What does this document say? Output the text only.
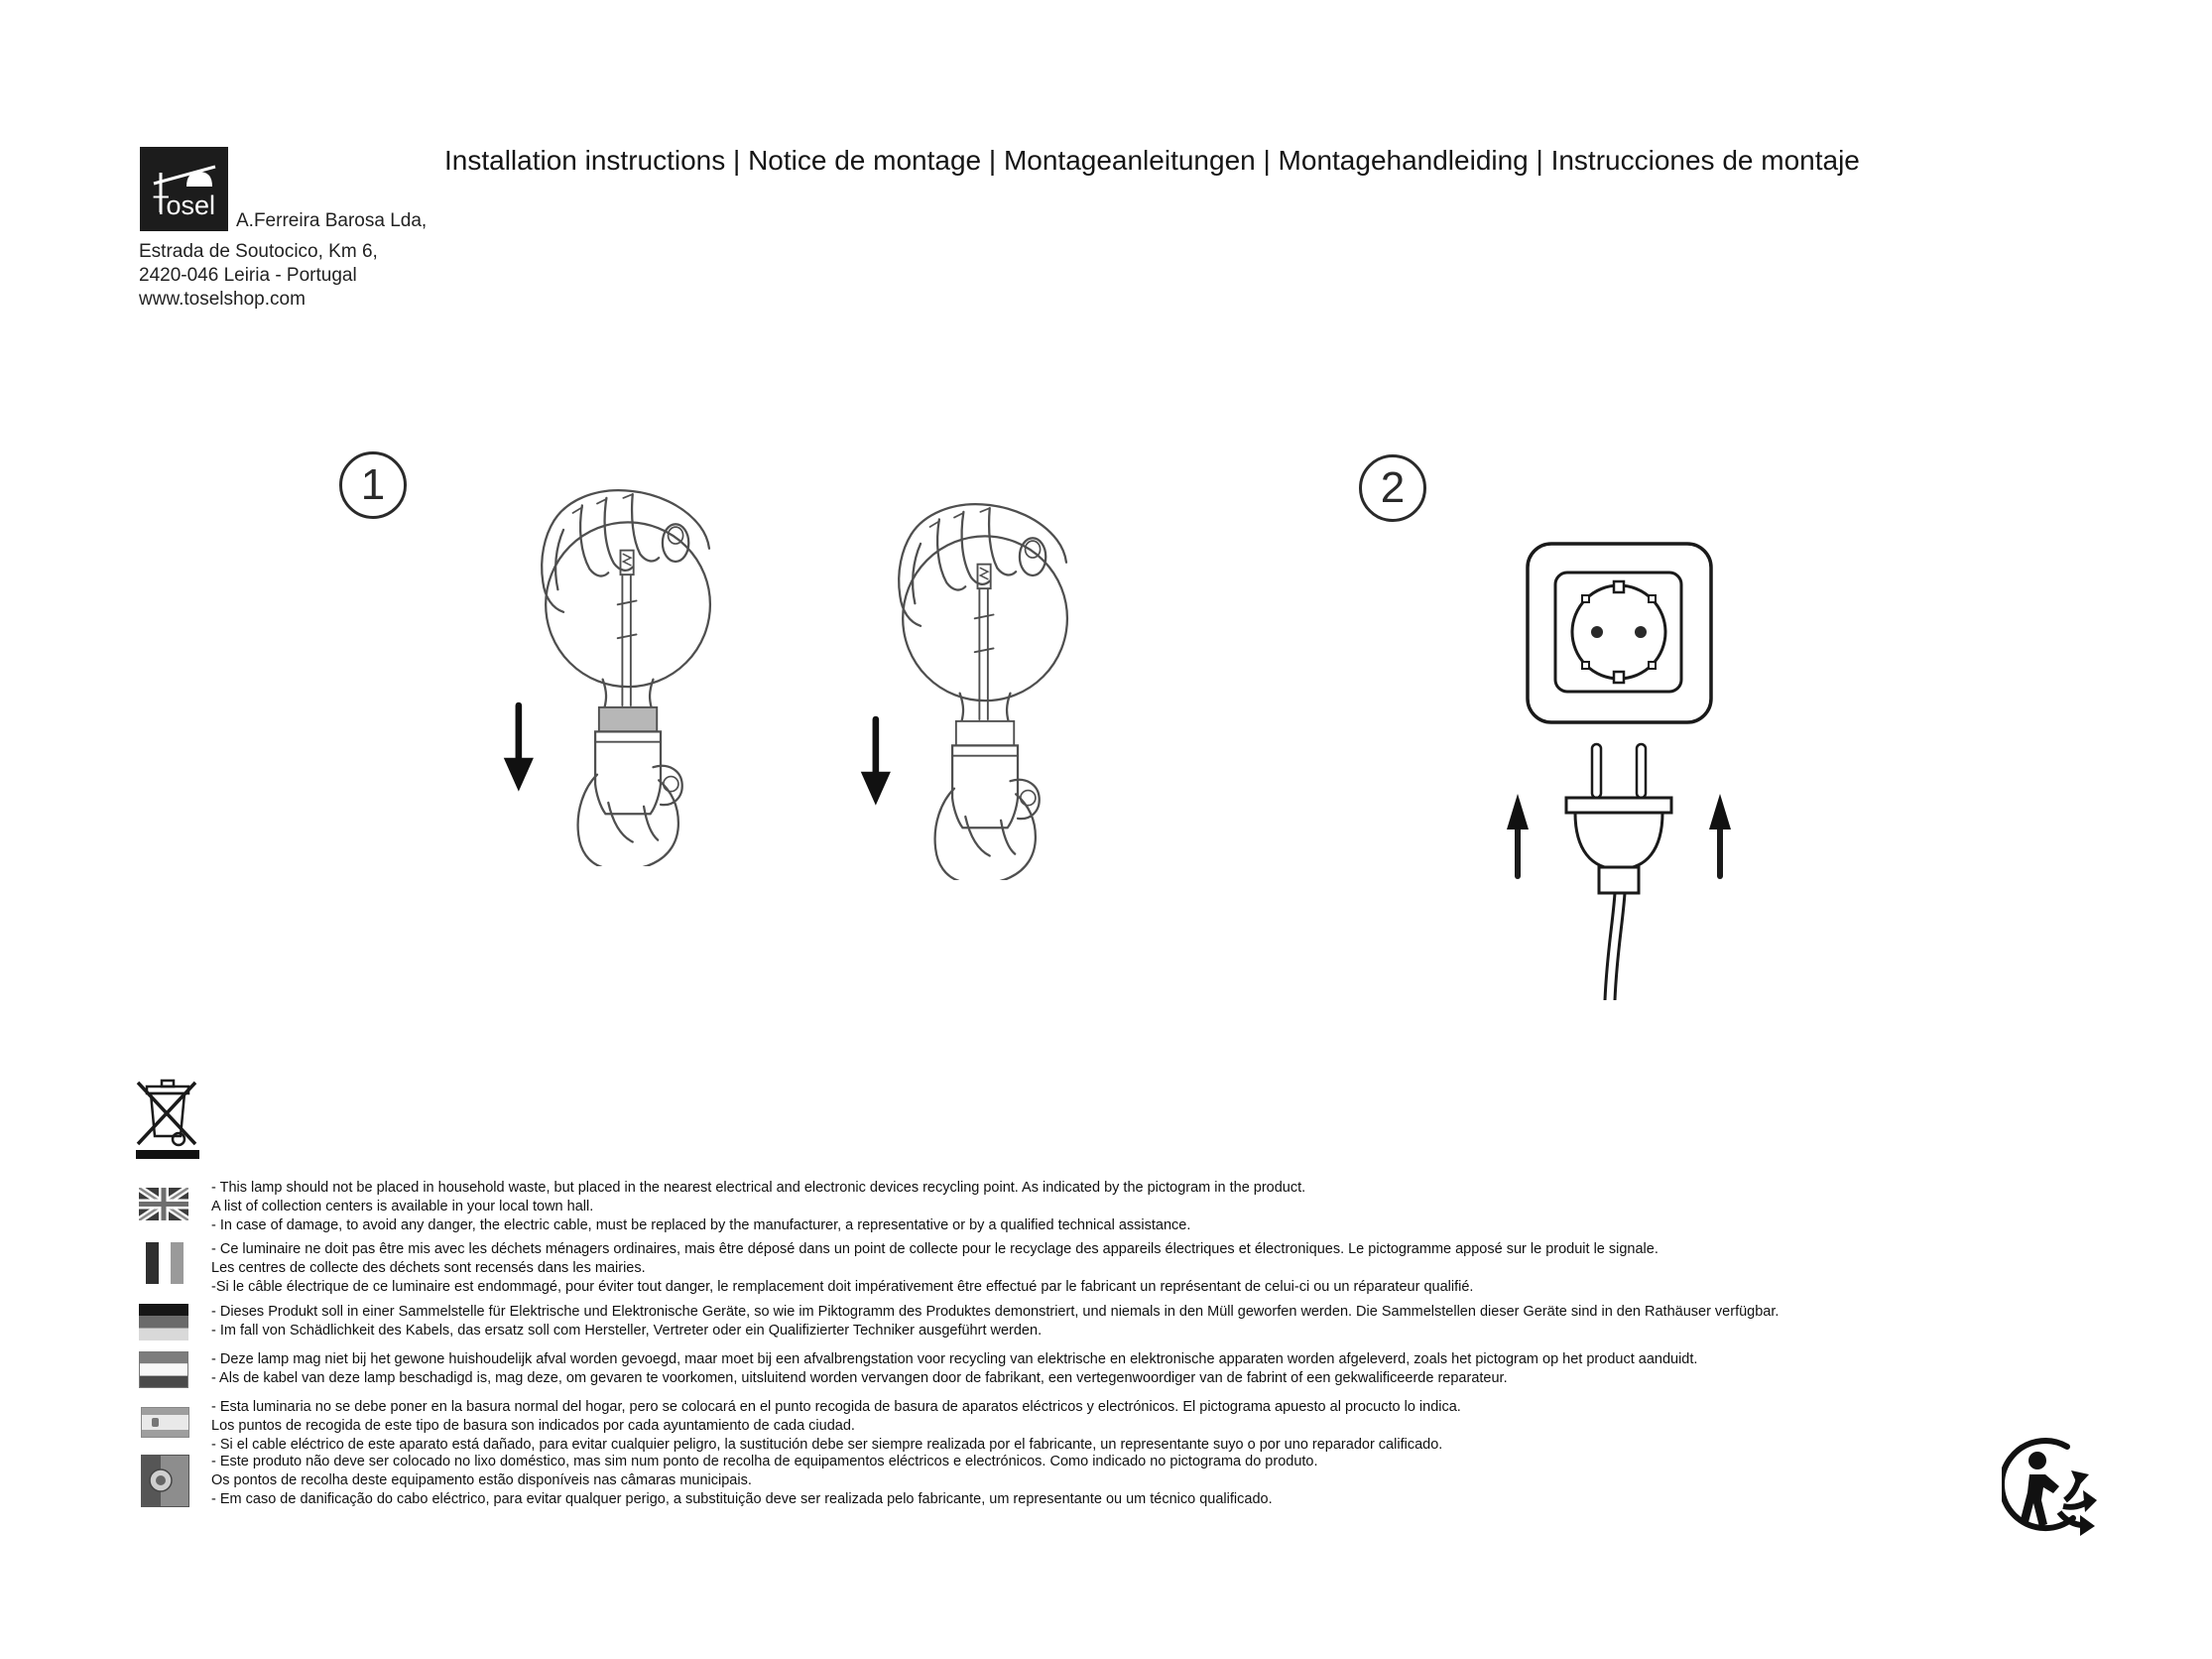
Tosel
A.Ferreira Barosa Lda,
Estrada de Soutocico, Km 6,
2420-046 Leiria - Portugal
www.toselshop.com
Installation instructions | Notice de montage | Montageanleitungen | Montagehandleiding | Instrucciones de montaje
1	2
- This lamp should not be placed in household waste, but placed in the nearest electrical and electronic devices recycling point. As indicated by the pictogram in the product.
A list of collection centers is available in your local town hall.
- In case of damage, to avoid any danger, the electric cable, must be replaced by the manufacturer, a representative or by a qualified technical assistance.
- Ce luminaire ne doit pas être mis avec les déchets ménagers ordinaires, mais être déposé dans un point de collecte pour le recyclage des appareils électriques et électroniques. Le pictogramme apposé sur le produit le signale.
Les centres de collecte des déchets sont recensés dans les mairies.
-Si le câble électrique de ce luminaire est endommagé, pour éviter tout danger, le remplacement doit impérativement être effectué par le fabricant un représentant de celui-ci ou un réparateur qualifié.
- Dieses Produkt soll in einer Sammelstelle für Elektrische und Elektronische Geräte, so wie im Piktogramm des Produktes demonstriert, und niemals in den Müll geworfen werden. Die Sammelstellen dieser Geräte sind in den Rathäuser verfügbar.
- Im fall von Schädlichkeit des Kabels, das ersatz soll com Hersteller, Vertreter oder ein Qualifizierter Techniker ausgeführt werden.
- Deze lamp mag niet bij het gewone huishoudelijk afval worden gevoegd, maar moet bij een afvalbrengstation voor recycling van elektrische en elektronische apparaten worden afgeleverd, zoals het pictogram op het product aanduidt.
- Als de kabel van deze lamp beschadigd is, mag deze, om gevaren te voorkomen, uitsluitend worden vervangen door de fabrikant, een vertegenwoordiger van de fabrint of een gekwalificeerde reparateur.
- Esta luminaria no se debe poner en la basura normal del hogar, pero se colocará en el punto recogida de basura de aparatos eléctricos y electrónicos. El pictograma apuesto al procucto lo indica.
Los puntos de recogida de este tipo de basura son indicados por cada ayuntamiento de cada ciudad.
- Si el cable eléctrico de este aparato está dañado, para evitar cualquier peligro, la sustitución debe ser siempre realizada por el fabricante, un representante suyo o por uno reparador calificado.
- Este produto não deve ser colocado no lixo doméstico, mas sim num ponto de recolha de equipamentos eléctricos e electrónicos. Como indicado no pictograma do produto.
Os pontos de recolha deste equipamento estão disponíveis nas câmaras municipais.
- Em caso de danificação do cabo eléctrico, para evitar qualquer perigo, a substituição deve ser realizada pelo fabricante, um representante ou um técnico qualificado.
